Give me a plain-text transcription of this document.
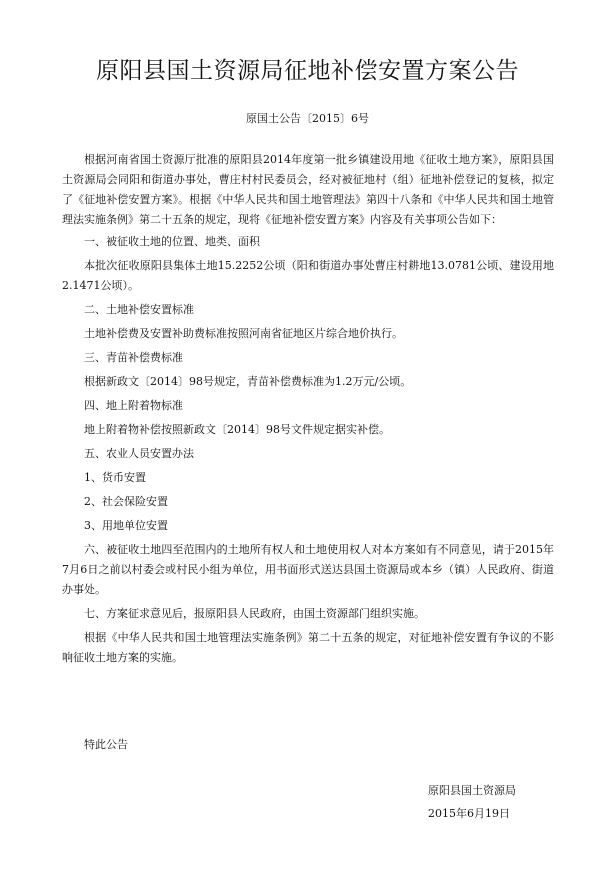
原阳县国土资源局征地补偿安置方案公告

原国土公告〔2015〕6号

根据河南省国土资源厅批准的原阳县2014年度第一批乡镇建设用地《征收土地方案》，原阳县国土资源局会同阳和街道办事处，曹庄村村民委员会，经对被征地村（组）征地补偿登记的复核，拟定了《征地补偿安置方案》。根据《中华人民共和国土地管理法》第四十八条和《中华人民共和国土地管理法实施条例》第二十五条的规定，现将《征地补偿安置方案》内容及有关事项公告如下：

一、被征收土地的位置、地类、面积

本批次征收原阳县集体土地15.2252公顷（阳和街道办事处曹庄村耕地13.0781公顷、建设用地2.1471公顷）。

二、土地补偿安置标准

土地补偿费及安置补助费标准按照河南省征地区片综合地价执行。

三、青苗补偿费标准

根据新政文〔2014〕98号规定，青苗补偿费标准为1.2万元/公顷。

四、地上附着物标准

地上附着物补偿按照新政文〔2014〕98号文件规定据实补偿。

五、农业人员安置办法

1、货币安置

2、社会保险安置

3、用地单位安置

六、被征收土地四至范围内的土地所有权人和土地使用权人对本方案如有不同意见，请于2015年7月6日之前以村委会或村民小组为单位，用书面形式送达县国土资源局或本乡（镇）人民政府、街道办事处。

七、方案征求意见后，报原阳县人民政府，由国土资源部门组织实施。

根据《中华人民共和国土地管理法实施条例》第二十五条的规定，对征地补偿安置有争议的不影响征收土地方案的实施。

特此公告

原阳县国土资源局

2015年6月19日
